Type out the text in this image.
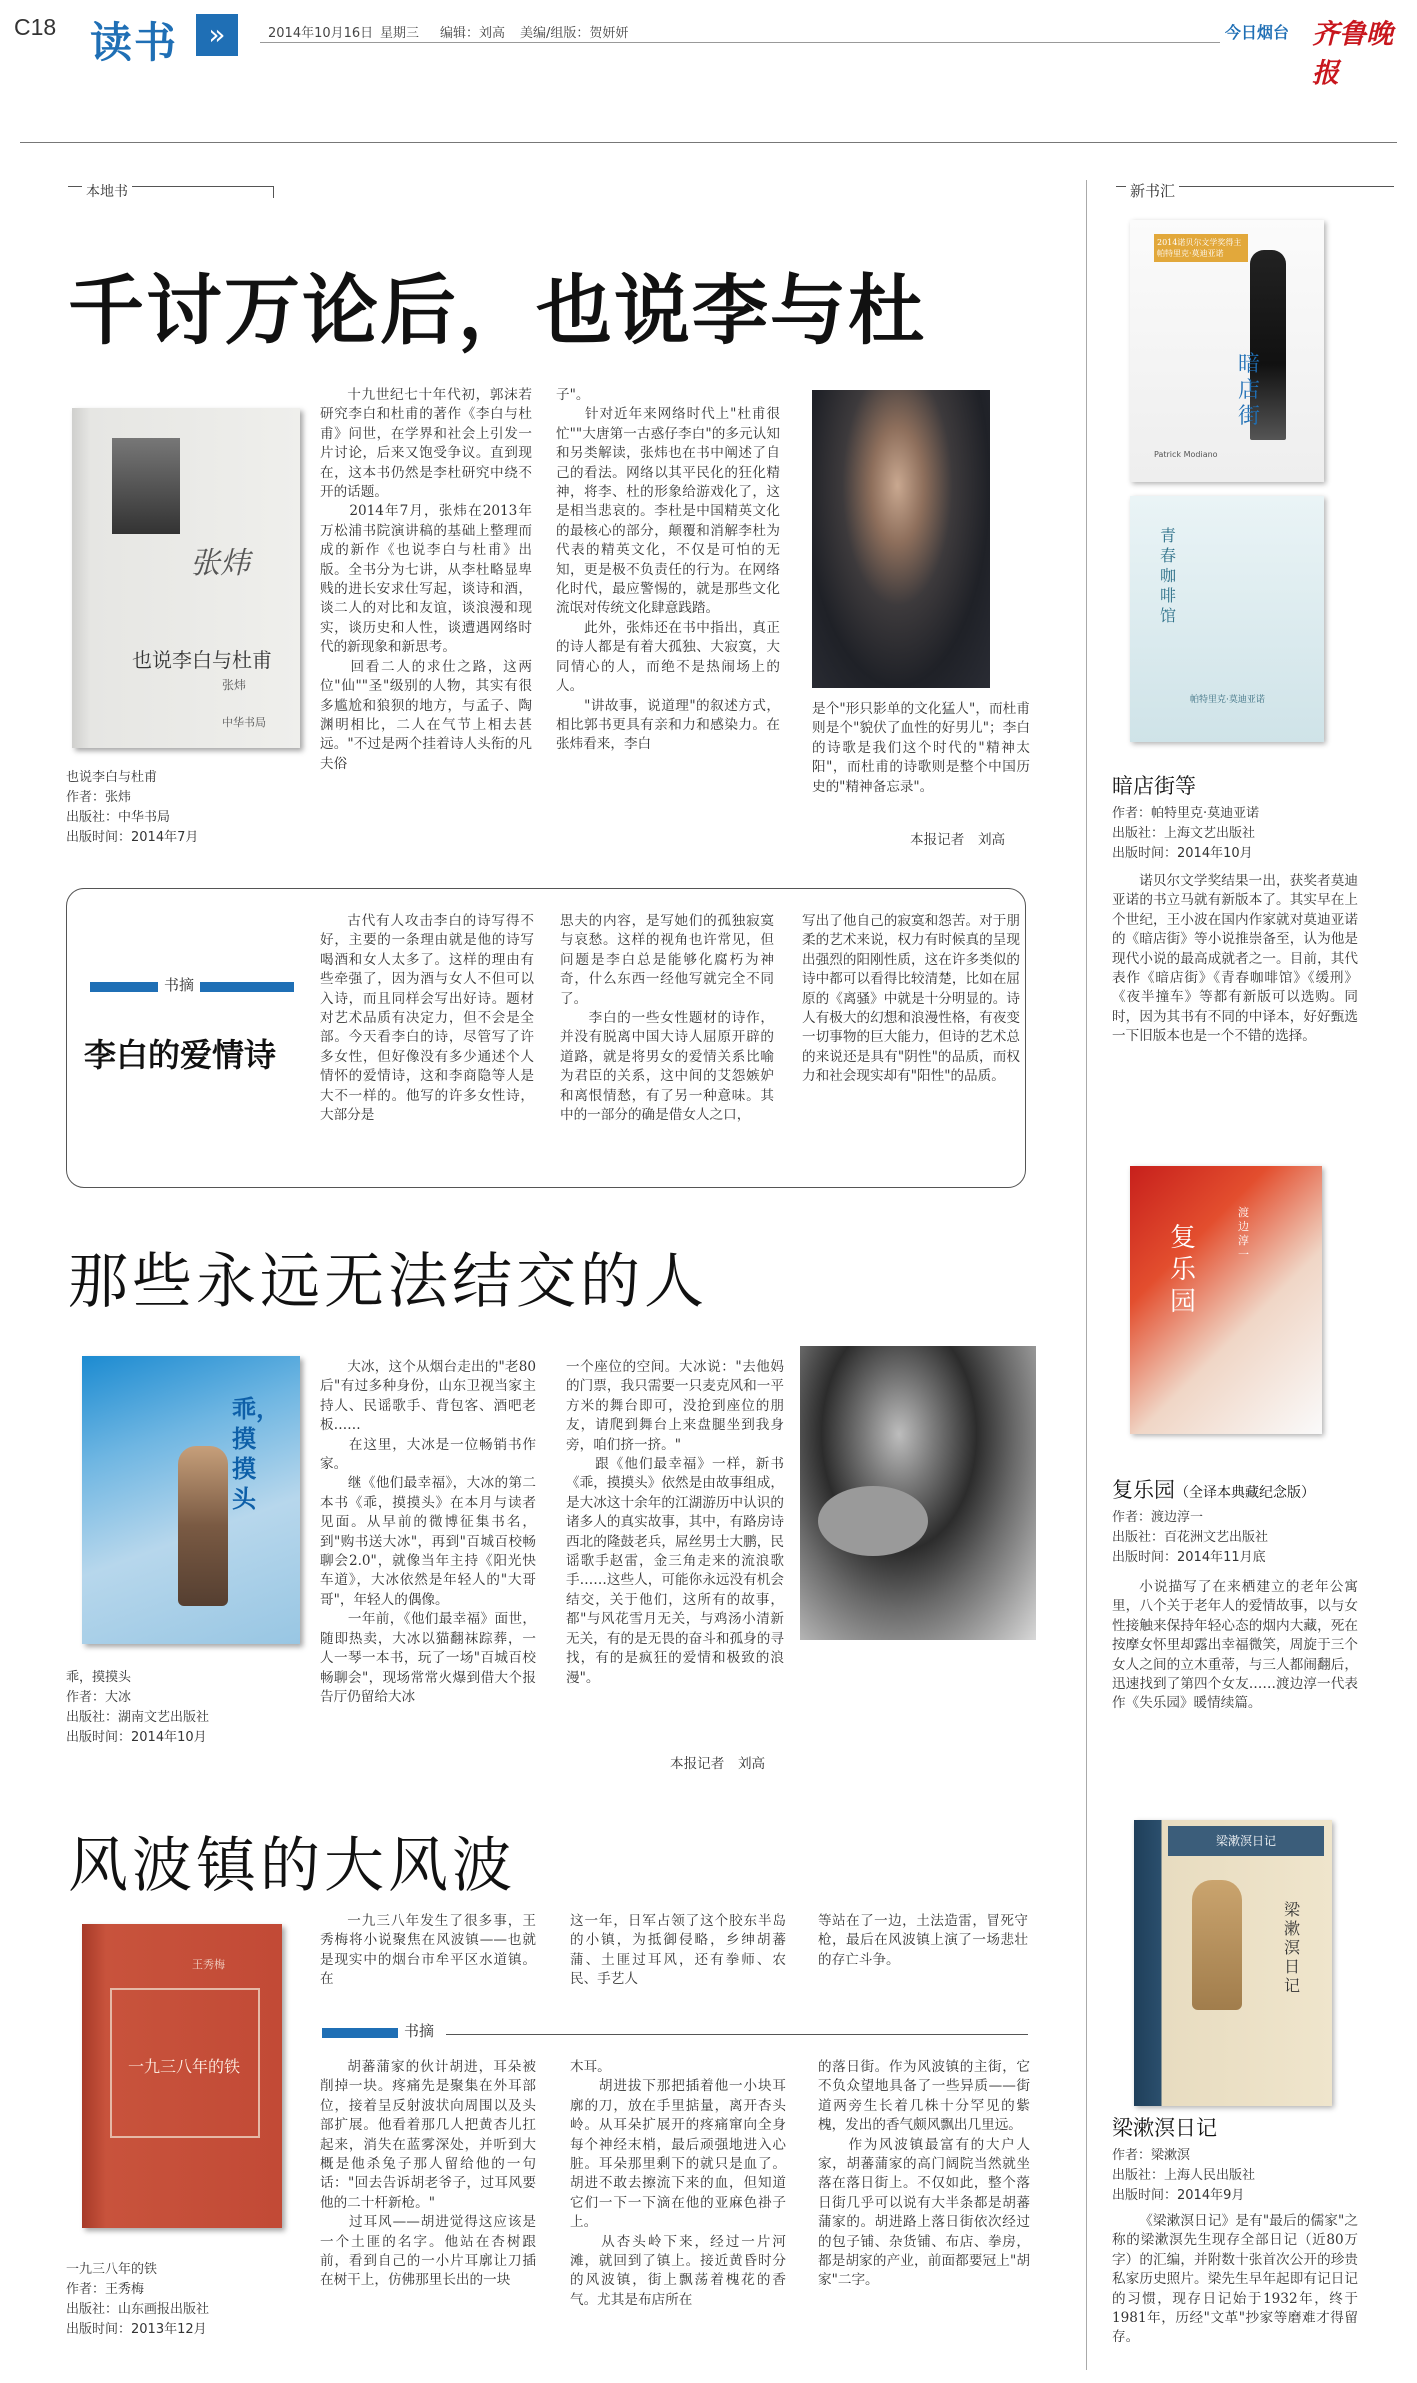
C18 读书	»	2014年10月16日 星期三 编辑：刘高 美编/组版：贺妍妍	今日烟台 齐鲁晚报
本地书
千讨万论后，也说李与杜
张炜
也说李白与杜甫
张炜
中华书局
也说李白与杜甫
作者：张炜
出版社：中华书局
出版时间：2014年7月
十九世纪七十年代初，郭沫若研究李白和杜甫的著作《李白与杜甫》问世，在学界和社会上引发一片讨论，后来又饱受争议。直到现在，这本书仍然是李杜研究中绕不开的话题。
　　2014年7月，张炜在2013年万松浦书院演讲稿的基础上整理而成的新作《也说李白与杜甫》出版。全书分为七讲，从李杜略显卑贱的进长安求仕写起，谈诗和酒，谈二人的对比和友谊，谈浪漫和现实，谈历史和人性，谈遭遇网络时代的新现象和新思考。
　　回看二人的求仕之路，这两位"仙""圣"级别的人物，其实有很多尴尬和狼狈的地方，与孟子、陶渊明相比，二人在气节上相去甚远。"不过是两个挂着诗人头衔的凡夫俗
子"。
　　针对近年来网络时代上"杜甫很忙""大唐第一古惑仔李白"的多元认知和另类解读，张炜也在书中阐述了自己的看法。网络以其平民化的狂化精神，将李、杜的形象给游戏化了，这是相当悲哀的。李杜是中国精英文化的最核心的部分，颠覆和消解李杜为代表的精英文化，不仅是可怕的无知，更是极不负责任的行为。在网络化时代，最应警惕的，就是那些文化流氓对传统文化肆意践踏。
　　此外，张炜还在书中指出，真正的诗人都是有着大孤独、大寂寞，大同情心的人，而绝不是热闹场上的人。
　　"讲故事，说道理"的叙述方式，相比郭书更具有亲和力和感染力。在张炜看来，李白
是个"形只影单的文化猛人"，而杜甫则是个"貌伏了血性的好男儿"；李白的诗歌是我们这个时代的"精神太阳"，而杜甫的诗歌则是整个中国历史的"精神备忘录"。
本报记者　刘高
书摘
李白的爱情诗
古代有人攻击李白的诗写得不好，主要的一条理由就是他的诗写喝酒和女人太多了。这样的理由有些牵强了，因为酒与女人不但可以入诗，而且同样会写出好诗。题材对艺术品质有决定力，但不会是全部。今天看李白的诗，尽管写了许多女性，但好像没有多少通述个人情怀的爱情诗，这和李商隐等人是大不一样的。他写的许多女性诗，大部分是
思夫的内容，是写她们的孤独寂寞与哀愁。这样的视角也许常见，但问题是李白总是能够化腐朽为神奇，什么东西一经他写就完全不同了。
　　李白的一些女性题材的诗作，并没有脱离中国大诗人屈原开辟的道路，就是将男女的爱情关系比喻为君臣的关系，这中间的艾怨嫉妒和离恨情愁，有了另一种意味。其中的一部分的确是借女人之口，
写出了他自己的寂寞和怨苦。对于朋柔的艺术来说，权力有时候真的呈现出强烈的阳刚性质，这在许多类似的诗中都可以看得比较清楚，比如在屈原的《离骚》中就是十分明显的。诗人有极大的幻想和浪漫性格，有夜变一切事物的巨大能力，但诗的艺术总的来说还是具有"阴性"的品质，而权力和社会现实却有"阳性"的品质。
那些永远无法结交的人
乖，摸摸头
乖，摸摸头
作者：大冰
出版社：湖南文艺出版社
出版时间：2014年10月
大冰，这个从烟台走出的"老80后"有过多种身份，山东卫视当家主持人、民谣歌手、背包客、酒吧老板……
　　在这里，大冰是一位畅销书作家。
　　继《他们最幸福》，大冰的第二本书《乖，摸摸头》在本月与读者见面。从早前的微博征集书名，到"购书送大冰"，再到"百城百校畅聊会2.0"，就像当年主持《阳光快车道》，大冰依然是年轻人的"大哥哥"，年轻人的偶像。
　　一年前，《他们最幸福》面世，随即热卖，大冰以猫翻袜踪葬，一人一琴一本书，玩了一场"百城百校畅聊会"，现场常常火爆到借大个报告厅仍留给大冰
一个座位的空间。大冰说："去他妈的门票，我只需要一只麦克风和一平方米的舞台即可，没抢到座位的朋友，请爬到舞台上来盘腿坐到我身旁，咱们挤一挤。"
　　跟《他们最幸福》一样，新书《乖，摸摸头》依然是由故事组成，是大冰这十余年的江湖游历中认识的诸多人的真实故事，其中，有路房诗西北的隆鼓老兵，屌丝男士大鹏，民谣歌手赵雷，金三角走来的流浪歌手……这些人，可能你永远没有机会结交，关于他们，这所有的故事，都"与风花雪月无关，与鸡汤小清新无关，有的是无畏的奋斗和孤身的寻找，有的是疯狂的爱情和极致的浪漫"。
本报记者　刘高
风波镇的大风波
一九三八年的铁
王秀梅
一九三八年的铁
作者：王秀梅
出版社：山东画报出版社
出版时间：2013年12月
一九三八年发生了很多事，王秀梅将小说聚焦在风波镇——也就是现实中的烟台市牟平区水道镇。在
这一年，日军占领了这个胶东半岛的小镇，为抵御侵略，乡绅胡蕃蒲、土匪过耳风，还有拳师、农民、手艺人
等站在了一边，土法造雷，冒死守枪，最后在风波镇上演了一场悲壮的存亡斗争。
书摘
胡蕃蒲家的伙计胡进，耳朵被削掉一块。疼痛先是聚集在外耳部位，接着呈反射波状向周围以及头部扩展。他看着那几人把黄杏儿扛起来，消失在蓝雾深处，并听到大概是他杀兔子那人留给他的一句话："回去告诉胡老爷子，过耳风要他的二十杆新枪。"
　　过耳风——胡进觉得这应该是一个土匪的名字。他站在杏树跟前，看到自己的一小片耳廓让刀插在树干上，仿佛那里长出的一块
木耳。
　　胡进拔下那把插着他一小块耳廓的刀，放在手里掂量，离开杏头岭。从耳朵扩展开的疼痛窜向全身每个神经末梢，最后顽强地进入心脏。耳朵那里剩下的就只是血了。胡进不敢去擦流下来的血，但知道它们一下一下滴在他的亚麻色褂子上。
　　从杏头岭下来，经过一片河滩，就回到了镇上。接近黄昏时分的风波镇，街上飘荡着槐花的香气。尤其是布店所在
的落日街。作为风波镇的主街，它不负众望地具备了一些异质——街道两旁生长着几株十分罕见的紫槐，发出的香气颇风飘出几里远。
　　作为风波镇最富有的大户人家，胡蕃蒲家的高门阔院当然就坐落在落日街上。不仅如此，整个落日街几乎可以说有大半条都是胡蕃蒲家的。胡进路上落日街依次经过的包子铺、杂货铺、布店、拳房，都是胡家的产业，前面都要冠上"胡家"二字。
新书汇
2014诺贝尔文学奖得主 帕特里克·莫迪亚诺
暗店街
Patrick Modiano
青春咖啡馆
帕特里克·莫迪亚诺
暗店街等
作者：帕特里克·莫迪亚诺
出版社：上海文艺出版社
出版时间：2014年10月
诺贝尔文学奖结果一出，获奖者莫迪亚诺的书立马就有新版本了。其实早在上个世纪，王小波在国内作家就对莫迪亚诺的《暗店街》等小说推崇备至，认为他是现代小说的最高成就者之一。目前，其代表作《暗店街》《青春咖啡馆》《缓刑》《夜半撞车》等都有新版可以选购。同时，因为其书有不同的中译本，好好甄选一下旧版本也是一个不错的选择。
复乐园
渡边淳一
复乐园（全译本典藏纪念版）
作者：渡边淳一
出版社：百花洲文艺出版社
出版时间：2014年11月底
小说描写了在来栖建立的老年公寓里，八个关于老年人的爱情故事，以与女性接触来保持年轻心态的烟内大藏，死在按摩女怀里却露出幸福微笑，周旋于三个女人之间的立木重蒂，与三人都闹翻后，迅速找到了第四个女友……渡边淳一代表作《失乐园》暖情续篇。
梁漱溟日记
梁漱溟日记
梁漱溟日记
作者：梁漱溟
出版社：上海人民出版社
出版时间：2014年9月
《梁漱溟日记》是有"最后的儒家"之称的梁漱溟先生现存全部日记（近80万字）的汇编，并附数十张首次公开的珍贵私家历史照片。梁先生早年起即有记日记的习惯，现存日记始于1932年，终于1981年，历经"文革"抄家等磨难才得留存。
